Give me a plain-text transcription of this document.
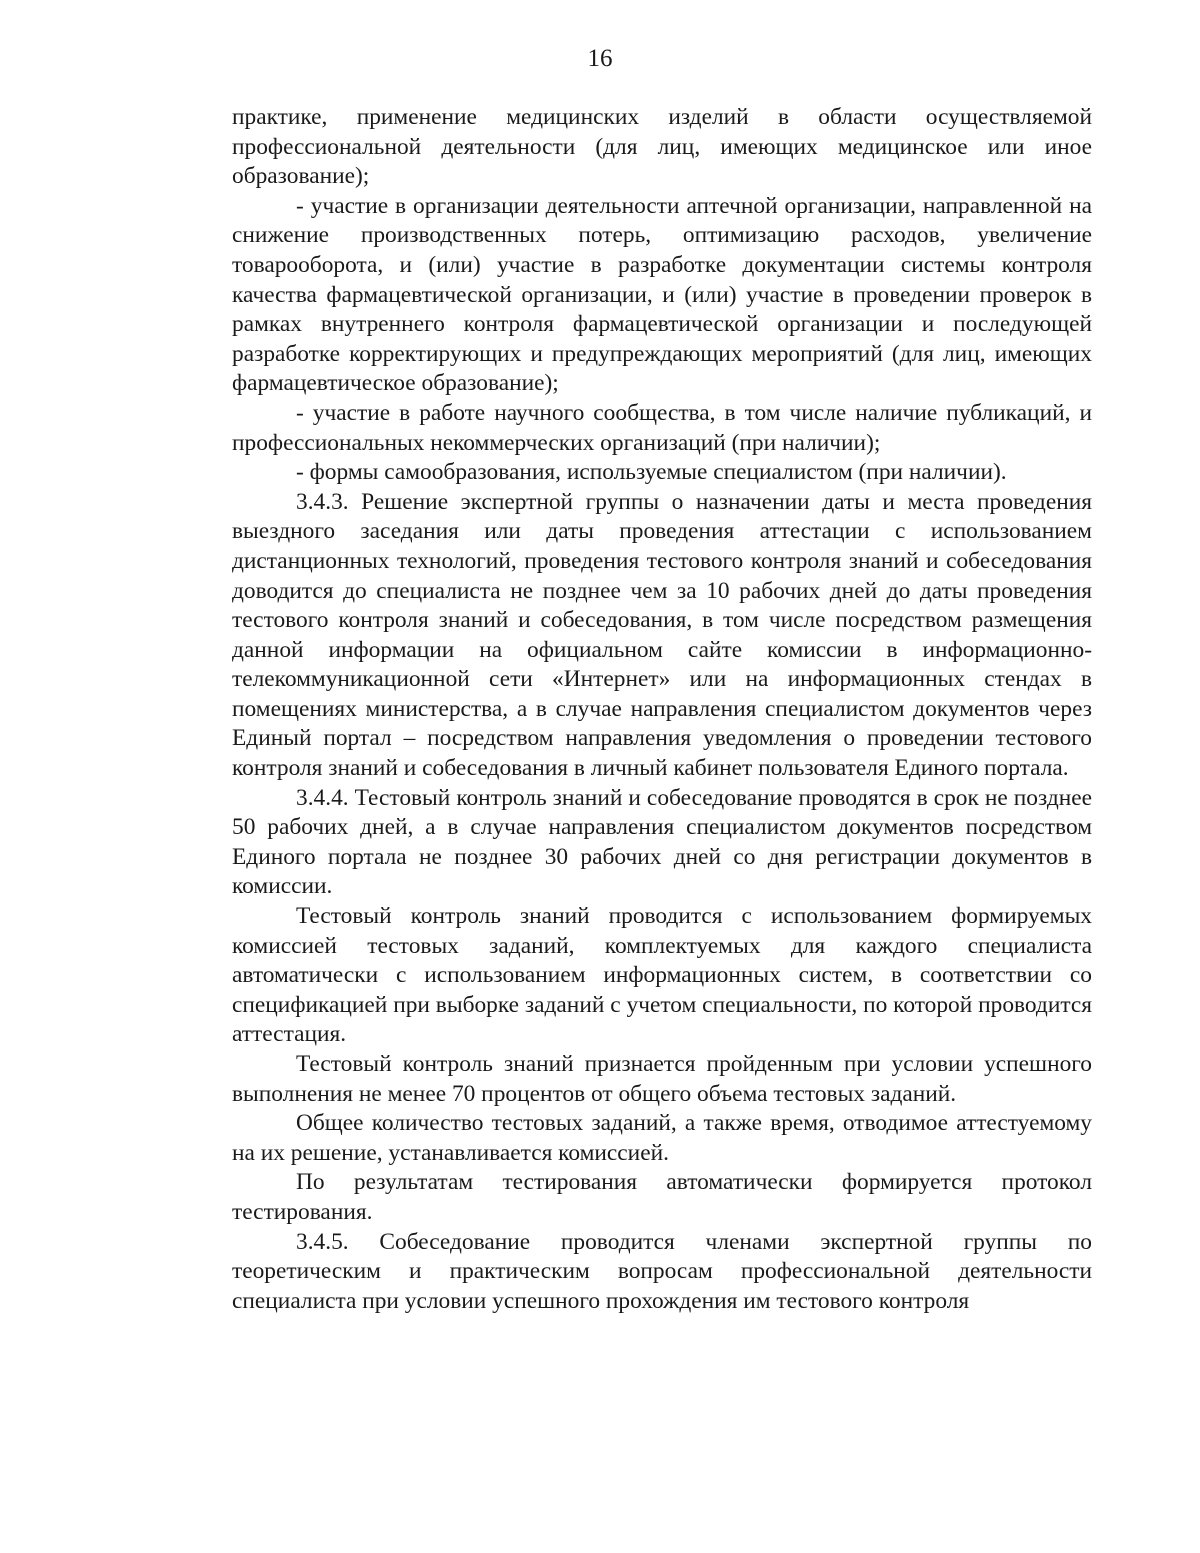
16

практике, применение медицинских изделий в области осуществляемой профессиональной деятельности (для лиц, имеющих медицинское или иное образование);

- участие в организации деятельности аптечной организации, направленной на снижение производственных потерь, оптимизацию расходов, увеличение товарооборота, и (или) участие в разработке документации системы контроля качества фармацевтической организации, и (или) участие в проведении проверок в рамках внутреннего контроля фармацевтической организации и последующей разработке корректирующих и предупреждающих мероприятий (для лиц, имеющих фармацевтическое образование);

- участие в работе научного сообщества, в том числе наличие публикаций, и профессиональных некоммерческих организаций (при наличии);

- формы самообразования, используемые специалистом (при наличии).

3.4.3. Решение экспертной группы о назначении даты и места проведения выездного заседания или даты проведения аттестации с использованием дистанционных технологий, проведения тестового контроля знаний и собеседования доводится до специалиста не позднее чем за 10 рабочих дней до даты проведения тестового контроля знаний и собеседования, в том числе посредством размещения данной информации на официальном сайте комиссии в информационно-телекоммуникационной сети «Интернет» или на информационных стендах в помещениях министерства, а в случае направления специалистом документов через Единый портал – посредством направления уведомления о проведении тестового контроля знаний и собеседования в личный кабинет пользователя Единого портала.

3.4.4. Тестовый контроль знаний и собеседование проводятся в срок не позднее 50 рабочих дней, а в случае направления специалистом документов посредством Единого портала не позднее 30 рабочих дней со дня регистрации документов в комиссии.

Тестовый контроль знаний проводится с использованием формируемых комиссией тестовых заданий, комплектуемых для каждого специалиста автоматически с использованием информационных систем, в соответствии со спецификацией при выборке заданий с учетом специальности, по которой проводится аттестация.

Тестовый контроль знаний признается пройденным при условии успешного выполнения не менее 70 процентов от общего объема тестовых заданий.

Общее количество тестовых заданий, а также время, отводимое аттестуемому на их решение, устанавливается комиссией.

По результатам тестирования автоматически формируется протокол тестирования.

3.4.5. Собеседование проводится членами экспертной группы по теоретическим и практическим вопросам профессиональной деятельности специалиста при условии успешного прохождения им тестового контроля
